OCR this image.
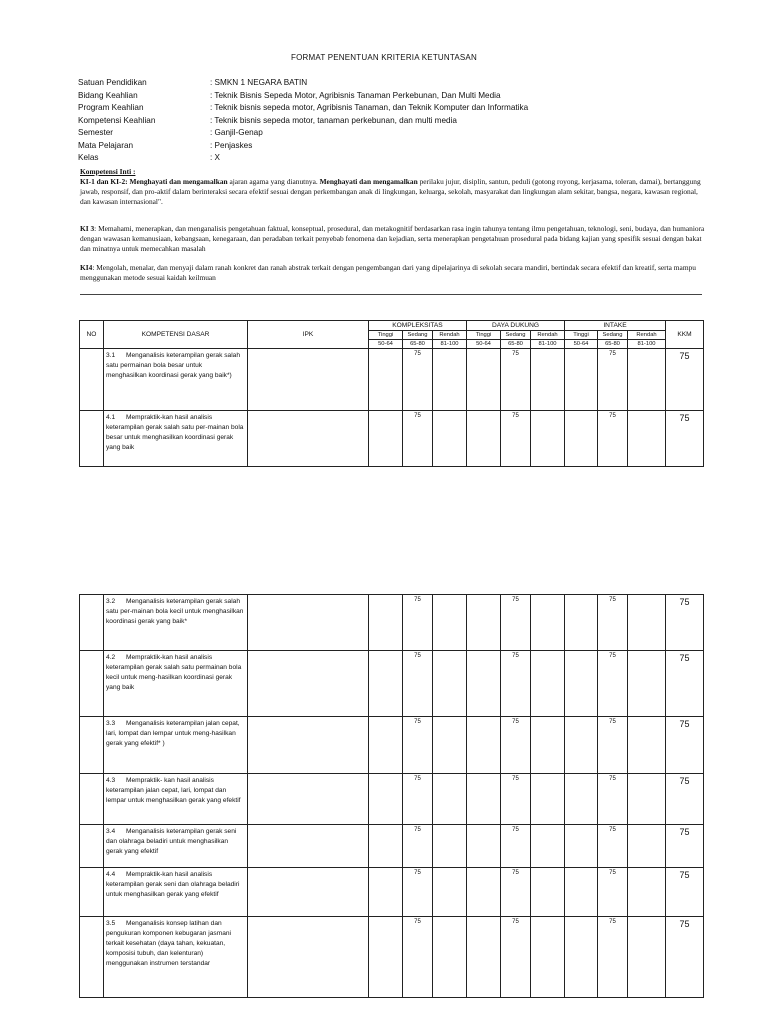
FORMAT PENENTUAN KRITERIA KETUNTASAN
Satuan Pendidikan	: SMKN 1 NEGARA BATIN
Bidang Keahlian	: Teknik Bisnis Sepeda Motor, Agribisnis Tanaman Perkebunan, Dan Multi Media
Program Keahlian	: Teknik bisnis sepeda motor, Agribisnis Tanaman, dan Teknik Komputer dan Informatika
Kompetensi Keahlian	: Teknik bisnis sepeda motor, tanaman perkebunan, dan multi media
Semester	: Ganjil-Genap
Mata Pelajaran	: Penjaskes
Kelas	: X
Kompetensi Inti :
KI-1 dan KI-2: Menghayati dan mengamalkan ajaran agama yang dianutnya. Menghayati dan mengamalkan perilaku jujur, disiplin, santun, peduli (gotong royong, kerjasama, toleran, damai), bertanggung jawab, responsif, dan pro-aktif dalam berinteraksi secara efektif sesuai dengan perkembangan anak di lingkungan, keluarga, sekolah, masyarakat dan lingkungan alam sekitar, bangsa, negara, kawasan regional, dan kawasan internasional".
KI 3: Memahami, menerapkan, dan menganalisis pengetahuan faktual, konseptual, prosedural, dan metakognitif berdasarkan rasa ingin tahunya tentang ilmu pengetahuan, teknologi, seni, budaya, dan humaniora dengan wawasan kemanusiaan, kebangsaan, kenegaraan, dan peradaban terkait penyebab fenomena dan kejadian, serta menerapkan pengetahuan prosedural pada bidang kajian yang spesifik sesuai dengan bakat dan minatnya untuk memecahkan masalah
KI4: Mengolah, menalar, dan menyaji dalam ranah konkret dan ranah abstrak terkait dengan pengembangan dari yang dipelajarinya di sekolah secara mandiri, bertindak secara efektif dan kreatif, serta mampu menggunakan metode sesuai kaidah keilmuan
NO	KOMPETENSI DASAR	IPK	KOMPLEKSITAS			DAYA DUKUNG			INTAKE			KKM
			Tinggi	Sedang	Rendah	Tinggi	Sedang	Rendah	Tinggi	Sedang	Rendah	
			50-64	65-80	81-100	50-64	65-80	81-100	50-64	65-80	81-100	
	3.1 Menganalisis keterampilan gerak salah satu permainan bola besar untuk menghasilkan koordinasi gerak yang baik*)			75			75			75		75
	4.1 Mempraktik-kan hasil analisis keterampilan gerak salah satu per-mainan bola besar untuk menghasilkan koordinasi gerak yang baik			75			75			75		75
	3.2 Menganalisis keterampilan gerak salah satu per-mainan bola kecil untuk menghasilkan koordinasi gerak yang baik*			75			75			75		75
	4.2 Mempraktik-kan hasil analisis keterampilan gerak salah satu permainan bola kecil untuk meng-hasilkan koordinasi gerak yang baik			75			75			75		75
	3.3 Menganalisis keterampilan jalan cepat, lari, lompat dan lempar untuk meng-hasilkan gerak yang efektif* )			75			75			75		75
	4.3 Mempraktik- kan hasil analisis keterampilan jalan cepat, lari, lompat dan lempar untuk menghasilkan gerak yang efektif			75			75			75		75
	3.4 Menganalisis keterampilan gerak seni dan olahraga beladiri untuk menghasilkan gerak yang efektif			75			75			75		75
	4.4 Mempraktik-kan hasil analisis keterampilan gerak seni dan olahraga beladiri untuk menghasilkan gerak yang efektif			75			75			75		75
	3.5 Menganalisis konsep latihan dan pengukuran komponen kebugaran jasmani terkait kesehatan (daya tahan, kekuatan, komposisi tubuh, dan kelenturan) menggunakan instrumen terstandar			75			75			75		75
